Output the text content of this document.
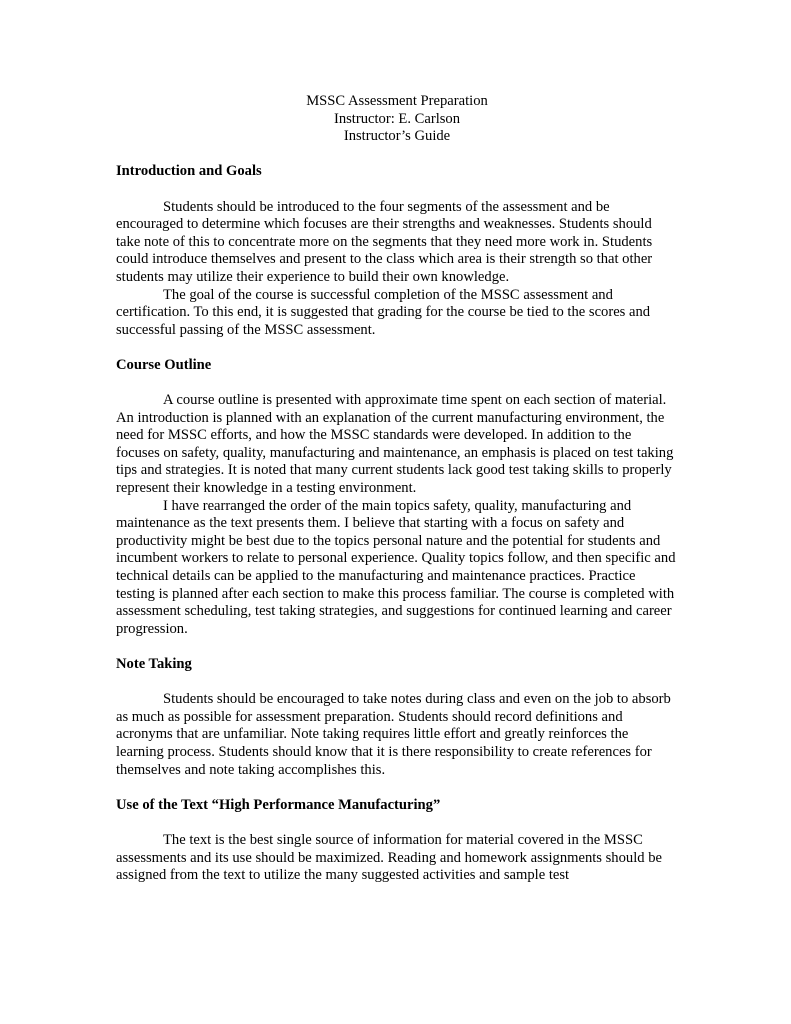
MSSC Assessment Preparation
Instructor: E. Carlson
Instructor’s Guide

Introduction and Goals

Students should be introduced to the four segments of the assessment and be encouraged to determine which focuses are their strengths and weaknesses. Students should take note of this to concentrate more on the segments that they need more work in. Students could introduce themselves and present to the class which area is their strength so that other students may utilize their experience to build their own knowledge.

The goal of the course is successful completion of the MSSC assessment and certification. To this end, it is suggested that grading for the course be tied to the scores and successful passing of the MSSC assessment.

Course Outline

A course outline is presented with approximate time spent on each section of material. An introduction is planned with an explanation of the current manufacturing environment, the need for MSSC efforts, and how the MSSC standards were developed. In addition to the focuses on safety, quality, manufacturing and maintenance, an emphasis is placed on test taking tips and strategies. It is noted that many current students lack good test taking skills to properly represent their knowledge in a testing environment.

I have rearranged the order of the main topics safety, quality, manufacturing and maintenance as the text presents them. I believe that starting with a focus on safety and productivity might be best due to the topics personal nature and the potential for students and incumbent workers to relate to personal experience. Quality topics follow, and then specific and technical details can be applied to the manufacturing and maintenance practices. Practice testing is planned after each section to make this process familiar. The course is completed with assessment scheduling, test taking strategies, and suggestions for continued learning and career progression.

Note Taking

Students should be encouraged to take notes during class and even on the job to absorb as much as possible for assessment preparation. Students should record definitions and acronyms that are unfamiliar. Note taking requires little effort and greatly reinforces the learning process. Students should know that it is there responsibility to create references for themselves and note taking accomplishes this.

Use of the Text “High Performance Manufacturing”

The text is the best single source of information for material covered in the MSSC assessments and its use should be maximized. Reading and homework assignments should be assigned from the text to utilize the many suggested activities and sample test
